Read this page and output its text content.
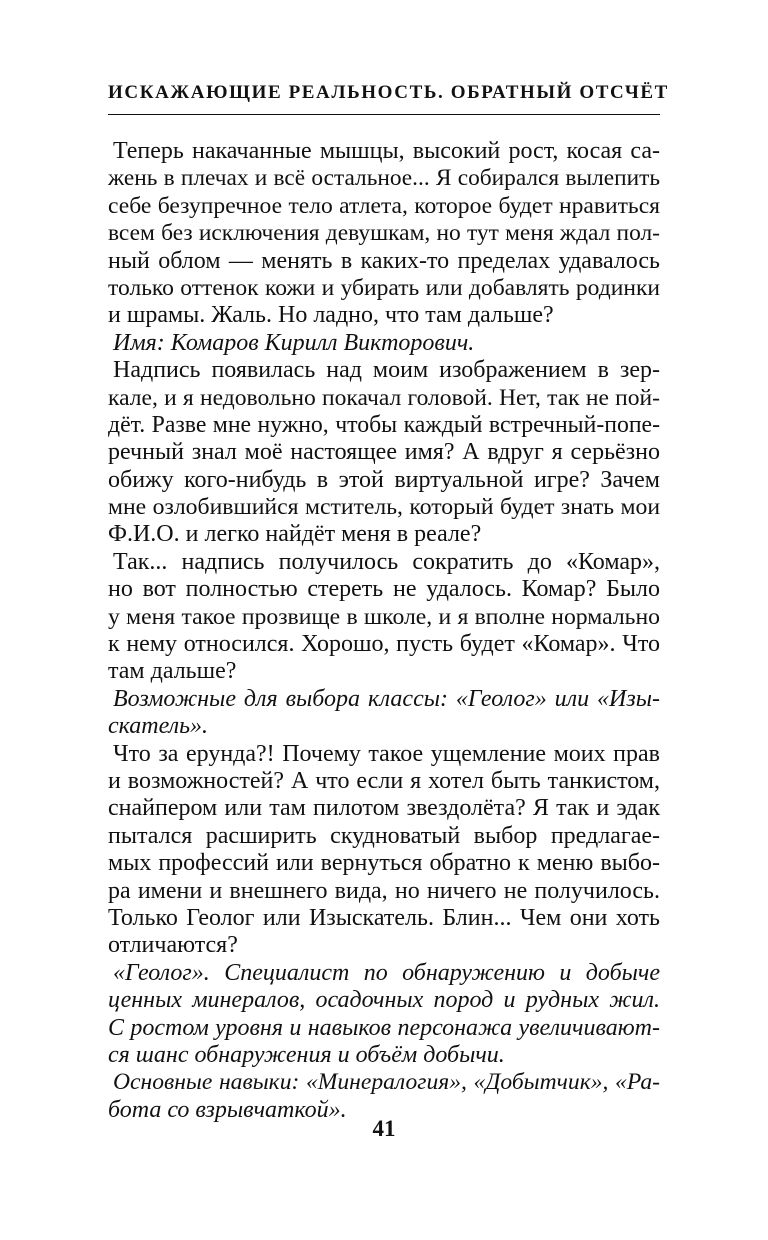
ИСКАЖАЮЩИЕ РЕАЛЬНОСТЬ. ОБРАТНЫЙ ОТСЧЁТ
Теперь накачанные мышцы, высокий рост, косая са-
жень в плечах и всё остальное... Я собирался вылепить
себе безупречное тело атлета, которое будет нравиться
всем без исключения девушкам, но тут меня ждал пол-
ный облом — менять в каких-то пределах удавалось
только оттенок кожи и убирать или добавлять родинки
и шрамы. Жаль. Но ладно, что там дальше?
Имя: Комаров Кирилл Викторович.
Надпись появилась над моим изображением в зер-
кале, и я недовольно покачал головой. Нет, так не пой-
дёт. Разве мне нужно, чтобы каждый встречный-попе-
речный знал моё настоящее имя? А вдруг я серьёзно
обижу кого-нибудь в этой виртуальной игре? Зачем
мне озлобившийся мститель, который будет знать мои
Ф.И.О. и легко найдёт меня в реале?
Так... надпись получилось сократить до «Комар»,
но вот полностью стереть не удалось. Комар? Было
у меня такое прозвище в школе, и я вполне нормально
к нему относился. Хорошо, пусть будет «Комар». Что
там дальше?
Возможные для выбора классы: «Геолог» или «Изы-
скатель».
Что за ерунда?! Почему такое ущемление моих прав
и возможностей? А что если я хотел быть танкистом,
снайпером или там пилотом звездолёта? Я так и эдак
пытался расширить скудноватый выбор предлагае-
мых профессий или вернуться обратно к меню выбо-
ра имени и внешнего вида, но ничего не получилось.
Только Геолог или Изыскатель. Блин... Чем они хоть
отличаются?
«Геолог». Специалист по обнаружению и добыче
ценных минералов, осадочных пород и рудных жил.
С ростом уровня и навыков персонажа увеличивают-
ся шанс обнаружения и объём добычи.
Основные навыки: «Минералогия», «Добытчик», «Ра-
бота со взрывчаткой».
41
